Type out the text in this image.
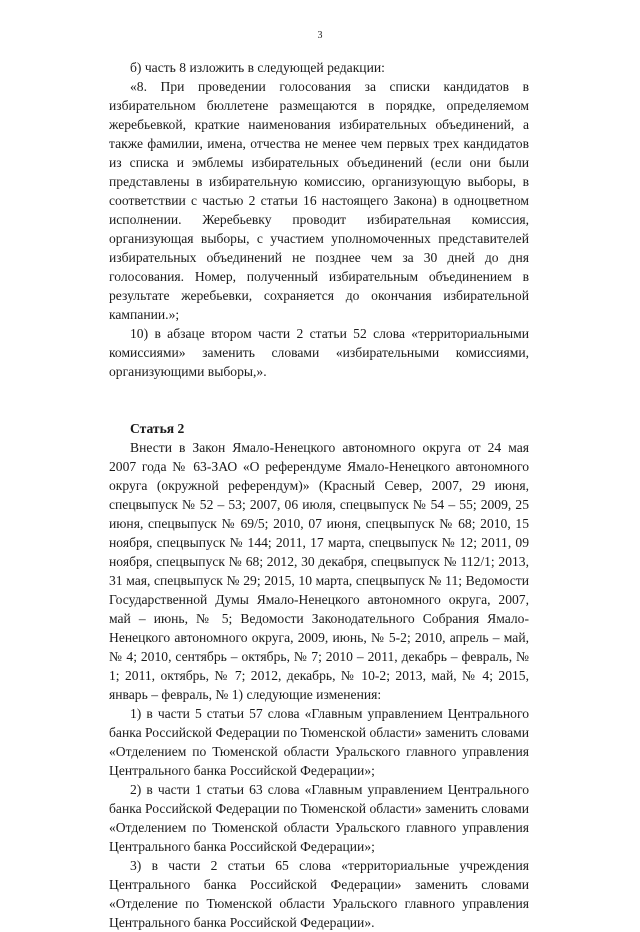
3

б) часть 8 изложить в следующей редакции:

«8. При проведении голосования за списки кандидатов в избирательном бюллетене размещаются в порядке, определяемом жеребьевкой, краткие наименования избирательных объединений, а также фамилии, имена, отчества не менее чем первых трех кандидатов из списка и эмблемы избирательных объединений (если они были представлены в избирательную комиссию, организующую выборы, в соответствии с частью 2 статьи 16 настоящего Закона) в одноцветном исполнении. Жеребьевку проводит избирательная комиссия, организующая выборы, с участием уполномоченных представителей избирательных объединений не позднее чем за 30 дней до дня голосования. Номер, полученный избирательным объединением в результате жеребьевки, сохраняется до окончания избирательной кампании.»;

10) в абзаце втором части 2 статьи 52 слова «территориальными комиссиями» заменить словами «избирательными комиссиями, организующими выборы,».

Статья 2

Внести в Закон Ямало-Ненецкого автономного округа от 24 мая 2007 года № 63-ЗАО «О референдуме Ямало-Ненецкого автономного округа (окружной референдум)» (Красный Север, 2007, 29 июня, спецвыпуск № 52 – 53; 2007, 06 июля, спецвыпуск № 54 – 55; 2009, 25 июня, спецвыпуск № 69/5; 2010, 07 июня, спецвыпуск № 68; 2010, 15 ноября, спецвыпуск № 144; 2011, 17 марта, спецвыпуск № 12; 2011, 09 ноября, спецвыпуск № 68; 2012, 30 декабря, спецвыпуск № 112/1; 2013, 31 мая, спецвыпуск № 29; 2015, 10 марта, спецвыпуск № 11; Ведомости Государственной Думы Ямало-Ненецкого автономного округа, 2007, май – июнь, № 5; Ведомости Законодательного Собрания Ямало-Ненецкого автономного округа, 2009, июнь, № 5-2; 2010, апрель – май, № 4; 2010, сентябрь – октябрь, № 7; 2010 – 2011, декабрь – февраль, № 1; 2011, октябрь, № 7; 2012, декабрь, № 10-2; 2013, май, № 4; 2015, январь – февраль, № 1) следующие изменения:

1) в части 5 статьи 57 слова «Главным управлением Центрального банка Российской Федерации по Тюменской области» заменить словами «Отделением по Тюменской области Уральского главного управления Центрального банка Российской Федерации»;

2) в части 1 статьи 63 слова «Главным управлением Центрального банка Российской Федерации по Тюменской области» заменить словами «Отделением по Тюменской области Уральского главного управления Центрального банка Российской Федерации»;

3) в части 2 статьи 65 слова «территориальные учреждения Центрального банка Российской Федерации» заменить словами «Отделение по Тюменской области Уральского главного управления Центрального банка Российской Федерации».
